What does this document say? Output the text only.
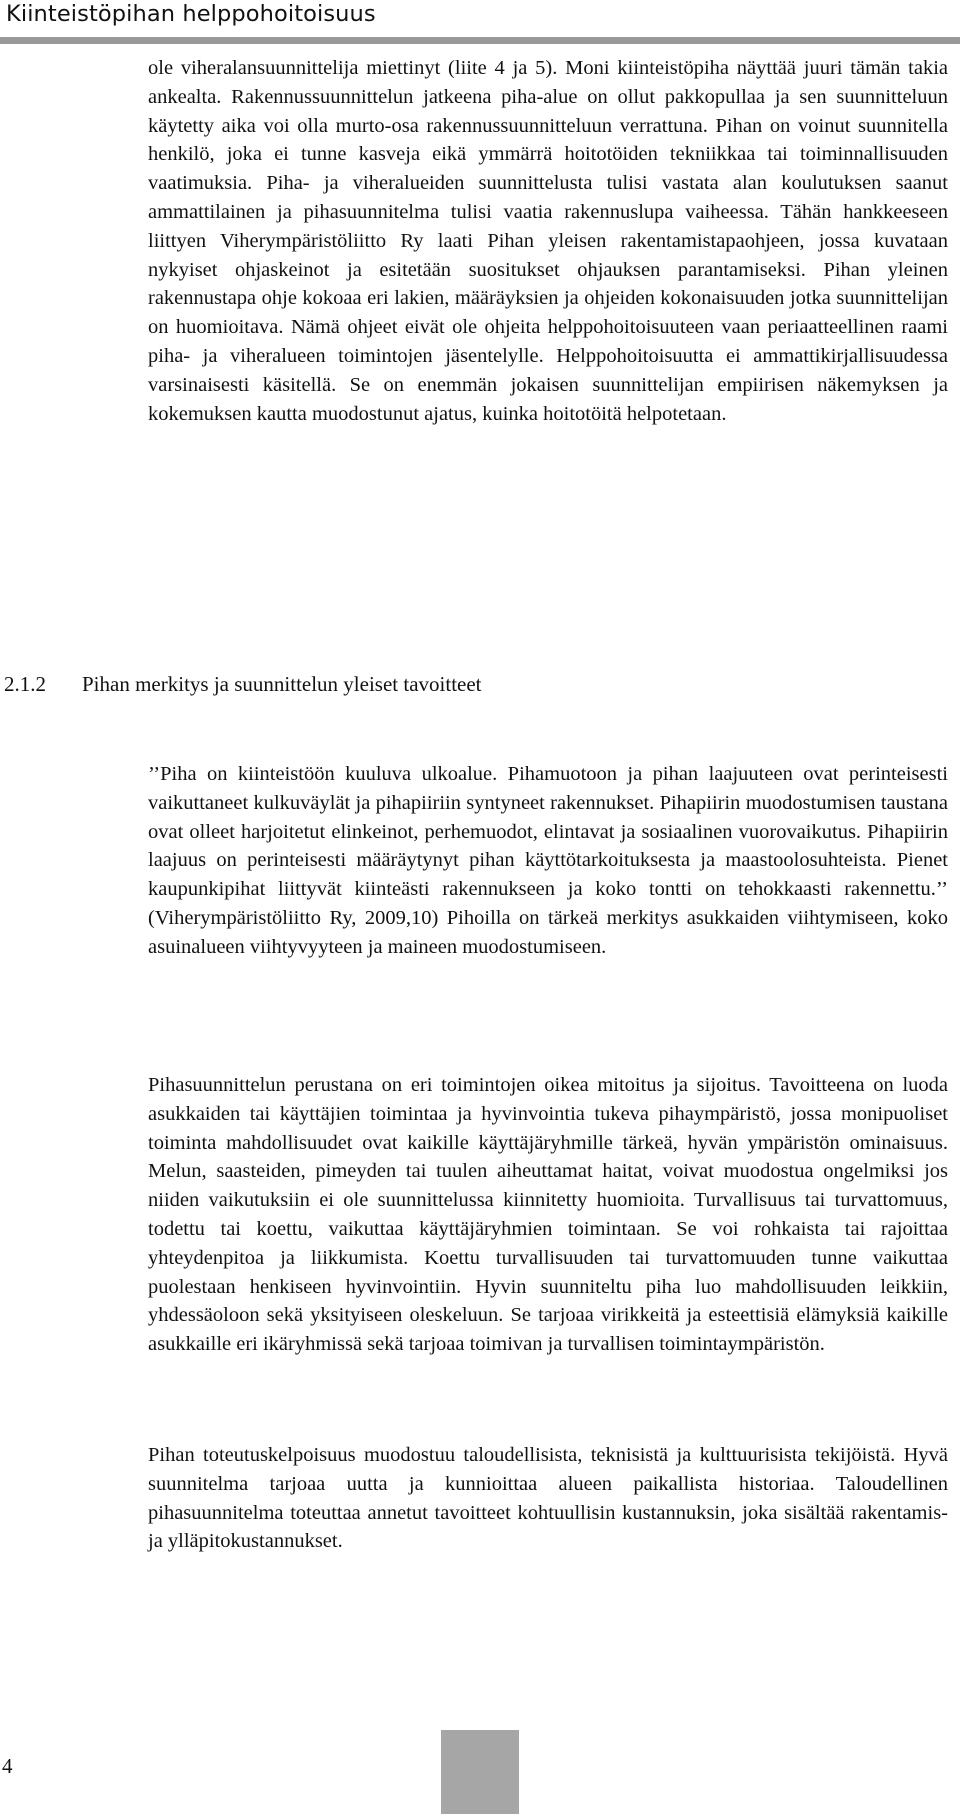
Kiinteistöpihan helppohoitoisuus

ole viheralansuunnittelija miettinyt (liite 4 ja 5). Moni kiinteistöpiha näyttää juuri tämän takia ankealta. Rakennussuunnittelun jatkeena piha-alue on ollut pakkopullaa ja sen suunnitteluun käytetty aika voi olla murto-osa rakennussuunnitteluun verrattuna. Pihan on voinut suunnitella henkilö, joka ei tunne kasveja eikä ymmärrä hoitotöiden tekniikkaa tai toiminnallisuuden vaatimuksia. Piha- ja viheralueiden suunnittelusta tulisi vastata alan koulutuksen saanut ammattilainen ja pihasuunnitelma tulisi vaatia rakennuslupa vaiheessa. Tähän hankkeeseen liittyen Viherympäristöliitto Ry laati Pihan yleisen rakentamistapaohjeen, jossa kuvataan nykyiset ohjaskeinot ja esitetään suositukset ohjauksen parantamiseksi. Pihan yleinen rakennustapa ohje kokoaa eri lakien, määräyksien ja ohjeiden kokonaisuuden jotka suunnittelijan on huomioitava. Nämä ohjeet eivät ole ohjeita helppohoitoisuuteen vaan periaatteellinen raami piha- ja viheralueen toimintojen jäsentelylle. Helppohoitoisuutta ei ammattikirjallisuudessa varsinaisesti käsitellä. Se on enemmän jokaisen suunnittelijan empiirisen näkemyksen ja kokemuksen kautta muodostunut ajatus, kuinka hoitotöitä helpotetaan.

2.1.2 Pihan merkitys ja suunnittelun yleiset tavoitteet

’’Piha on kiinteistöön kuuluva ulkoalue. Pihamuotoon ja pihan laajuuteen ovat perinteisesti vaikuttaneet kulkuväylät ja pihapiiriin syntyneet rakennukset. Pihapiirin muodostumisen taustana ovat olleet harjoitetut elinkeinot, perhemuodot, elintavat ja sosiaalinen vuorovaikutus. Pihapiirin laajuus on perinteisesti määräytynyt pihan käyttötarkoituksesta ja maastoolosuhteista. Pienet kaupunkipihat liittyvät kiinteästi rakennukseen ja koko tontti on tehokkaasti rakennettu.’’ (Viherympäristöliitto Ry, 2009,10) Pihoilla on tärkeä merkitys asukkaiden viihtymiseen, koko asuinalueen viihtyvyyteen ja maineen muodostumiseen.

Pihasuunnittelun perustana on eri toimintojen oikea mitoitus ja sijoitus. Tavoitteena on luoda asukkaiden tai käyttäjien toimintaa ja hyvinvointia tukeva pihaympäristö, jossa monipuoliset toiminta mahdollisuudet ovat kaikille käyttäjäryhmille tärkeä, hyvän ympäristön ominaisuus. Melun, saasteiden, pimeyden tai tuulen aiheuttamat haitat, voivat muodostua ongelmiksi jos niiden vaikutuksiin ei ole suunnittelussa kiinnitetty huomioita. Turvallisuus tai turvattomuus, todettu tai koettu, vaikuttaa käyttäjäryhmien toimintaan. Se voi rohkaista tai rajoittaa yhteydenpitoa ja liikkumista. Koettu turvallisuuden tai turvattomuuden tunne vaikuttaa puolestaan henkiseen hyvinvointiin. Hyvin suunniteltu piha luo mahdollisuuden leikkiin, yhdessäoloon sekä yksityiseen oleskeluun. Se tarjoaa virikkeitä ja esteettisiä elämyksiä kaikille asukkaille eri ikäryhmissä sekä tarjoaa toimivan ja turvallisen toimintaympäristön.

Pihan toteutuskelpoisuus muodostuu taloudellisista, teknisistä ja kulttuurisista tekijöistä. Hyvä suunnitelma tarjoaa uutta ja kunnioittaa alueen paikallista historiaa. Taloudellinen pihasuunnitelma toteuttaa annetut tavoitteet kohtuullisin kustannuksin, joka sisältää rakentamis- ja ylläpitokustannukset.

4
